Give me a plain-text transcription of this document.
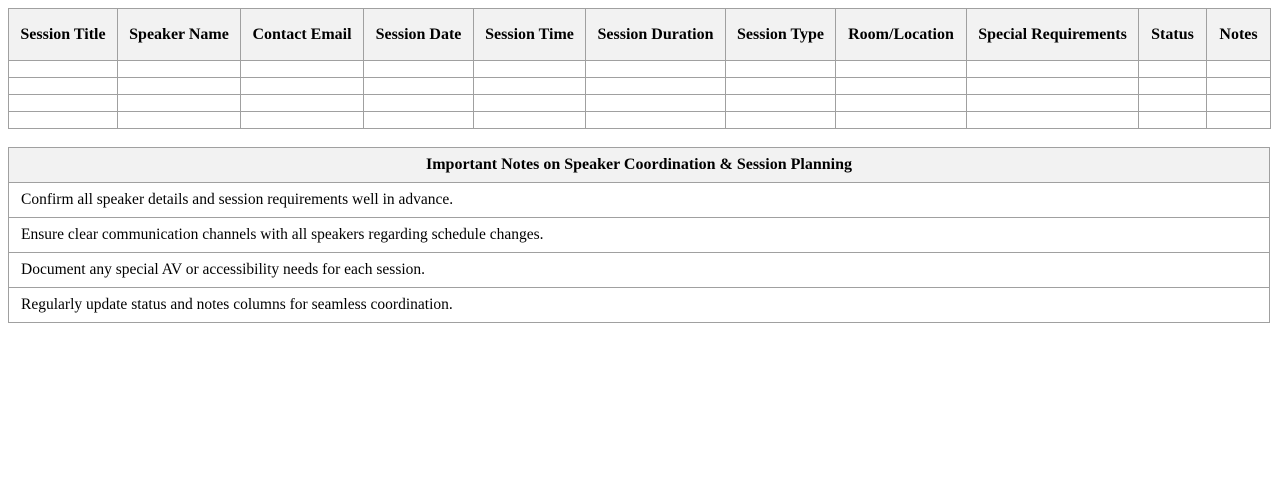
Session Title	Speaker Name	Contact Email	Session Date	Session Time	Session Duration	Session Type	Room/Location	Special Requirements	Status	Notes

Important Notes on Speaker Coordination & Session Planning
Confirm all speaker details and session requirements well in advance.
Ensure clear communication channels with all speakers regarding schedule changes.
Document any special AV or accessibility needs for each session.
Regularly update status and notes columns for seamless coordination.
